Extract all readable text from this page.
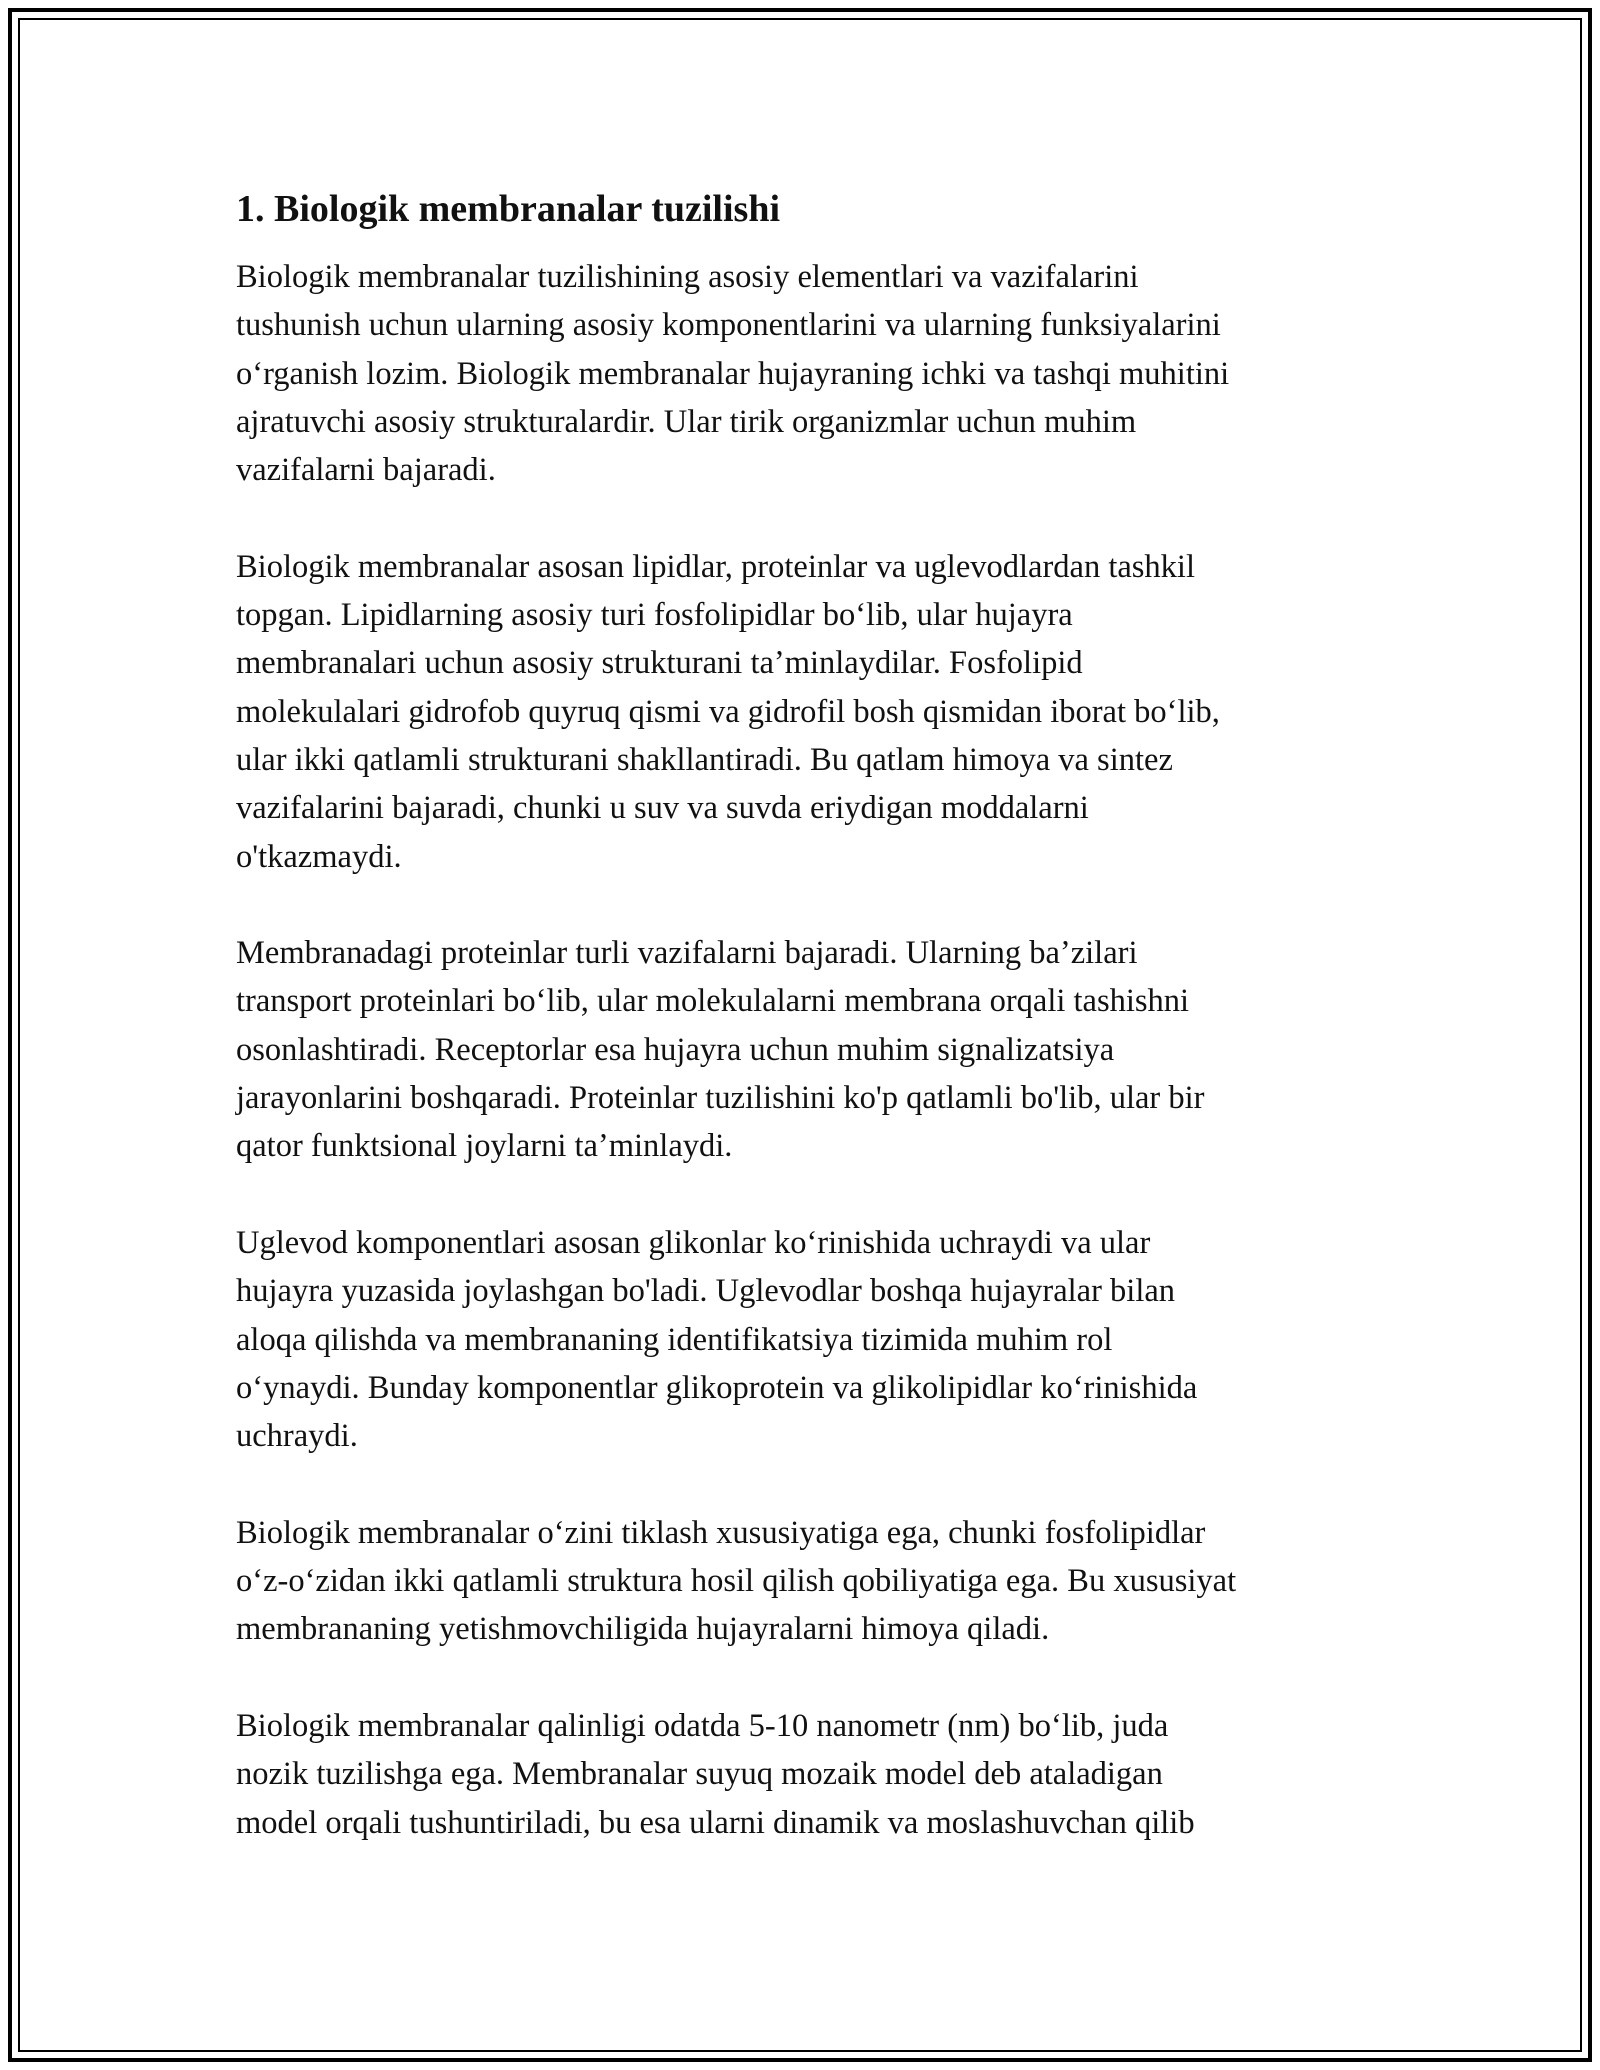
1. Biologik membranalar tuzilishi

Biologik membranalar tuzilishining asosiy elementlari va vazifalarini
tushunish uchun ularning asosiy komponentlarini va ularning funksiyalarini
oʻrganish lozim. Biologik membranalar hujayraning ichki va tashqi muhitini
ajratuvchi asosiy strukturalardir. Ular tirik organizmlar uchun muhim
vazifalarni bajaradi.

Biologik membranalar asosan lipidlar, proteinlar va uglevodlardan tashkil
topgan. Lipidlarning asosiy turi fosfolipidlar boʻlib, ular hujayra
membranalari uchun asosiy strukturani taʼminlaydilar. Fosfolipid
molekulalari gidrofob quyruq qismi va gidrofil bosh qismidan iborat boʻlib,
ular ikki qatlamli strukturani shakllantiradi. Bu qatlam himoya va sintez
vazifalarini bajaradi, chunki u suv va suvda eriydigan moddalarni
o'tkazmaydi.

Membranadagi proteinlar turli vazifalarni bajaradi. Ularning baʼzilari
transport proteinlari boʻlib, ular molekulalarni membrana orqali tashishni
osonlashtiradi. Receptorlar esa hujayra uchun muhim signalizatsiya
jarayonlarini boshqaradi. Proteinlar tuzilishini ko'p qatlamli bo'lib, ular bir
qator funktsional joylarni taʼminlaydi.

Uglevod komponentlari asosan glikonlar koʻrinishida uchraydi va ular
hujayra yuzasida joylashgan bo'ladi. Uglevodlar boshqa hujayralar bilan
aloqa qilishda va membrananing identifikatsiya tizimida muhim rol
oʻynaydi. Bunday komponentlar glikoprotein va glikolipidlar koʻrinishida
uchraydi.

Biologik membranalar oʻzini tiklash xususiyatiga ega, chunki fosfolipidlar
oʻz-oʻzidan ikki qatlamli struktura hosil qilish qobiliyatiga ega. Bu xususiyat
membrananing yetishmovchiligida hujayralarni himoya qiladi.

Biologik membranalar qalinligi odatda 5-10 nanometr (nm) boʻlib, juda
nozik tuzilishga ega. Membranalar suyuq mozaik model deb ataladigan
model orqali tushuntiriladi, bu esa ularni dinamik va moslashuvchan qilib
